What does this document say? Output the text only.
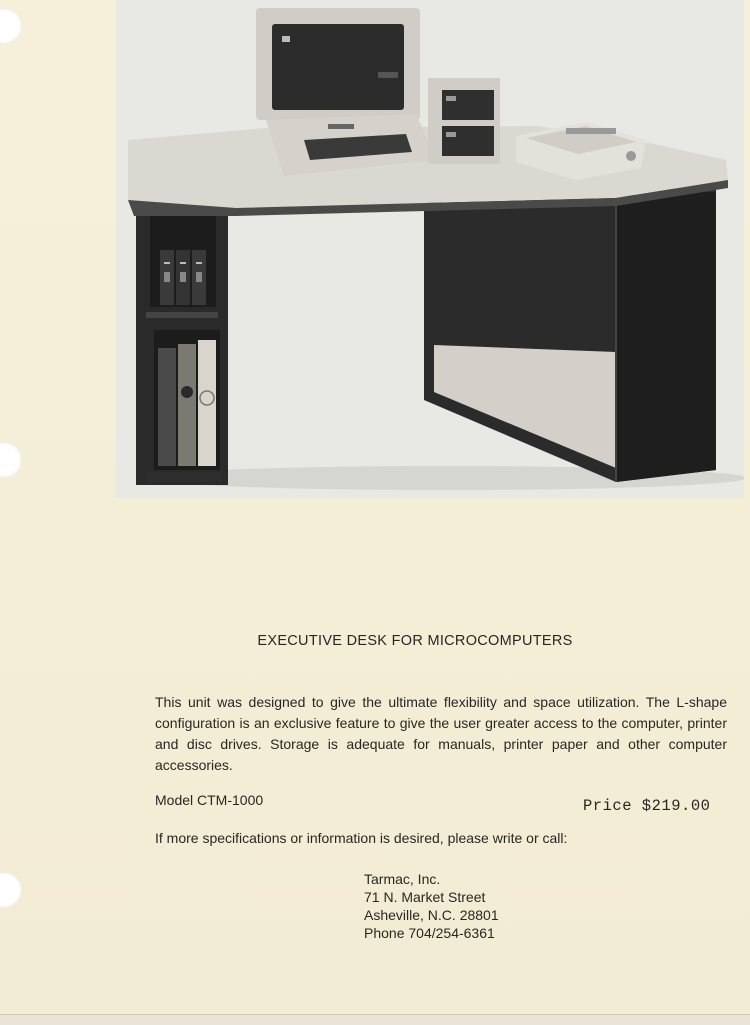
EXECUTIVE DESK FOR MICROCOMPUTERS
This unit was designed to give the ultimate flexibility and space utilization. The L-shape configuration is an exclusive feature to give the user greater access to the computer, printer and disc drives. Storage is adequate for manuals, printer paper and other computer accessories.
Model CTM-1000	Price $219.00
If more specifications or information is desired, please write or call:
Tarmac, Inc.
71 N. Market Street
Asheville, N.C. 28801
Phone 704/254-6361
